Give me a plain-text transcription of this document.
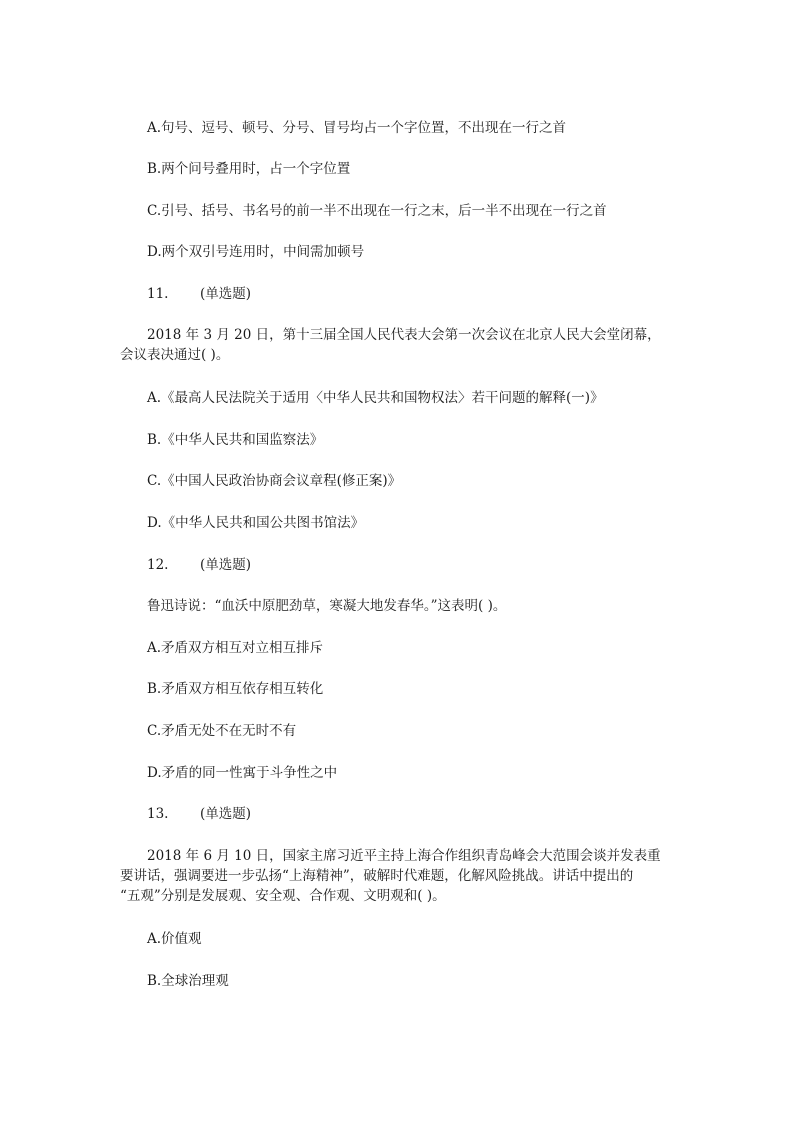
A.句号、逗号、顿号、分号、冒号均占一个字位置，不出现在一行之首
B.两个问号叠用时，占一个字位置
C.引号、括号、书名号的前一半不出现在一行之末，后一半不出现在一行之首
D.两个双引号连用时，中间需加顿号
11. (单选题)
2018 年 3 月 20 日，第十三届全国人民代表大会第一次会议在北京人民大会堂闭幕，
会议表决通过( )。
A.《最高人民法院关于适用〈中华人民共和国物权法〉若干问题的解释(一)》
B.《中华人民共和国监察法》
C.《中国人民政治协商会议章程(修正案)》
D.《中华人民共和国公共图书馆法》
12. (单选题)
鲁迅诗说：“血沃中原肥劲草，寒凝大地发春华。”这表明( )。
A.矛盾双方相互对立相互排斥
B.矛盾双方相互依存相互转化
C.矛盾无处不在无时不有
D.矛盾的同一性寓于斗争性之中
13. (单选题)
2018 年 6 月 10 日，国家主席习近平主持上海合作组织青岛峰会大范围会谈并发表重
要讲话，强调要进一步弘扬“上海精神”，破解时代难题，化解风险挑战。讲话中提出的
“五观”分别是发展观、安全观、合作观、文明观和( )。
A.价值观
B.全球治理观
